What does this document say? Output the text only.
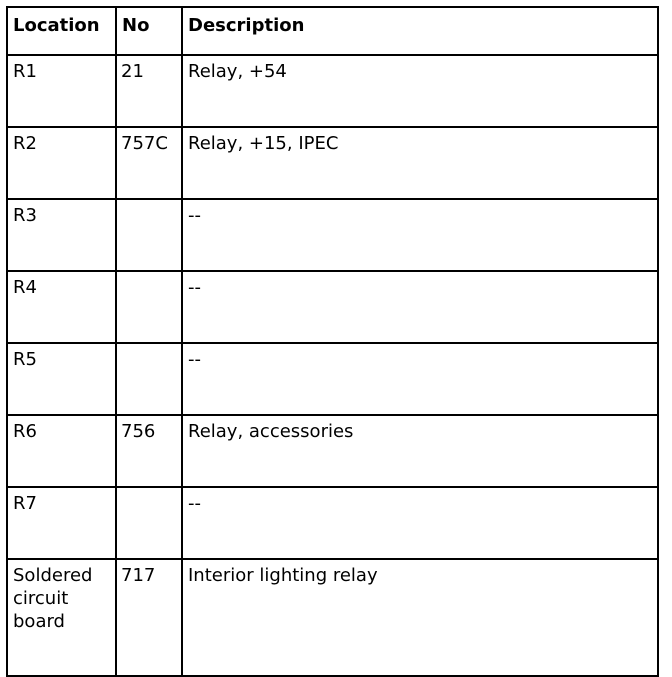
Location	No	Description
R1	21	Relay, +54
R2	757C	Relay, +15, IPEC
R3		--
R4		--
R5		--
R6	756	Relay, accessories
R7		--
Soldered circuit board	717	Interior lighting relay
